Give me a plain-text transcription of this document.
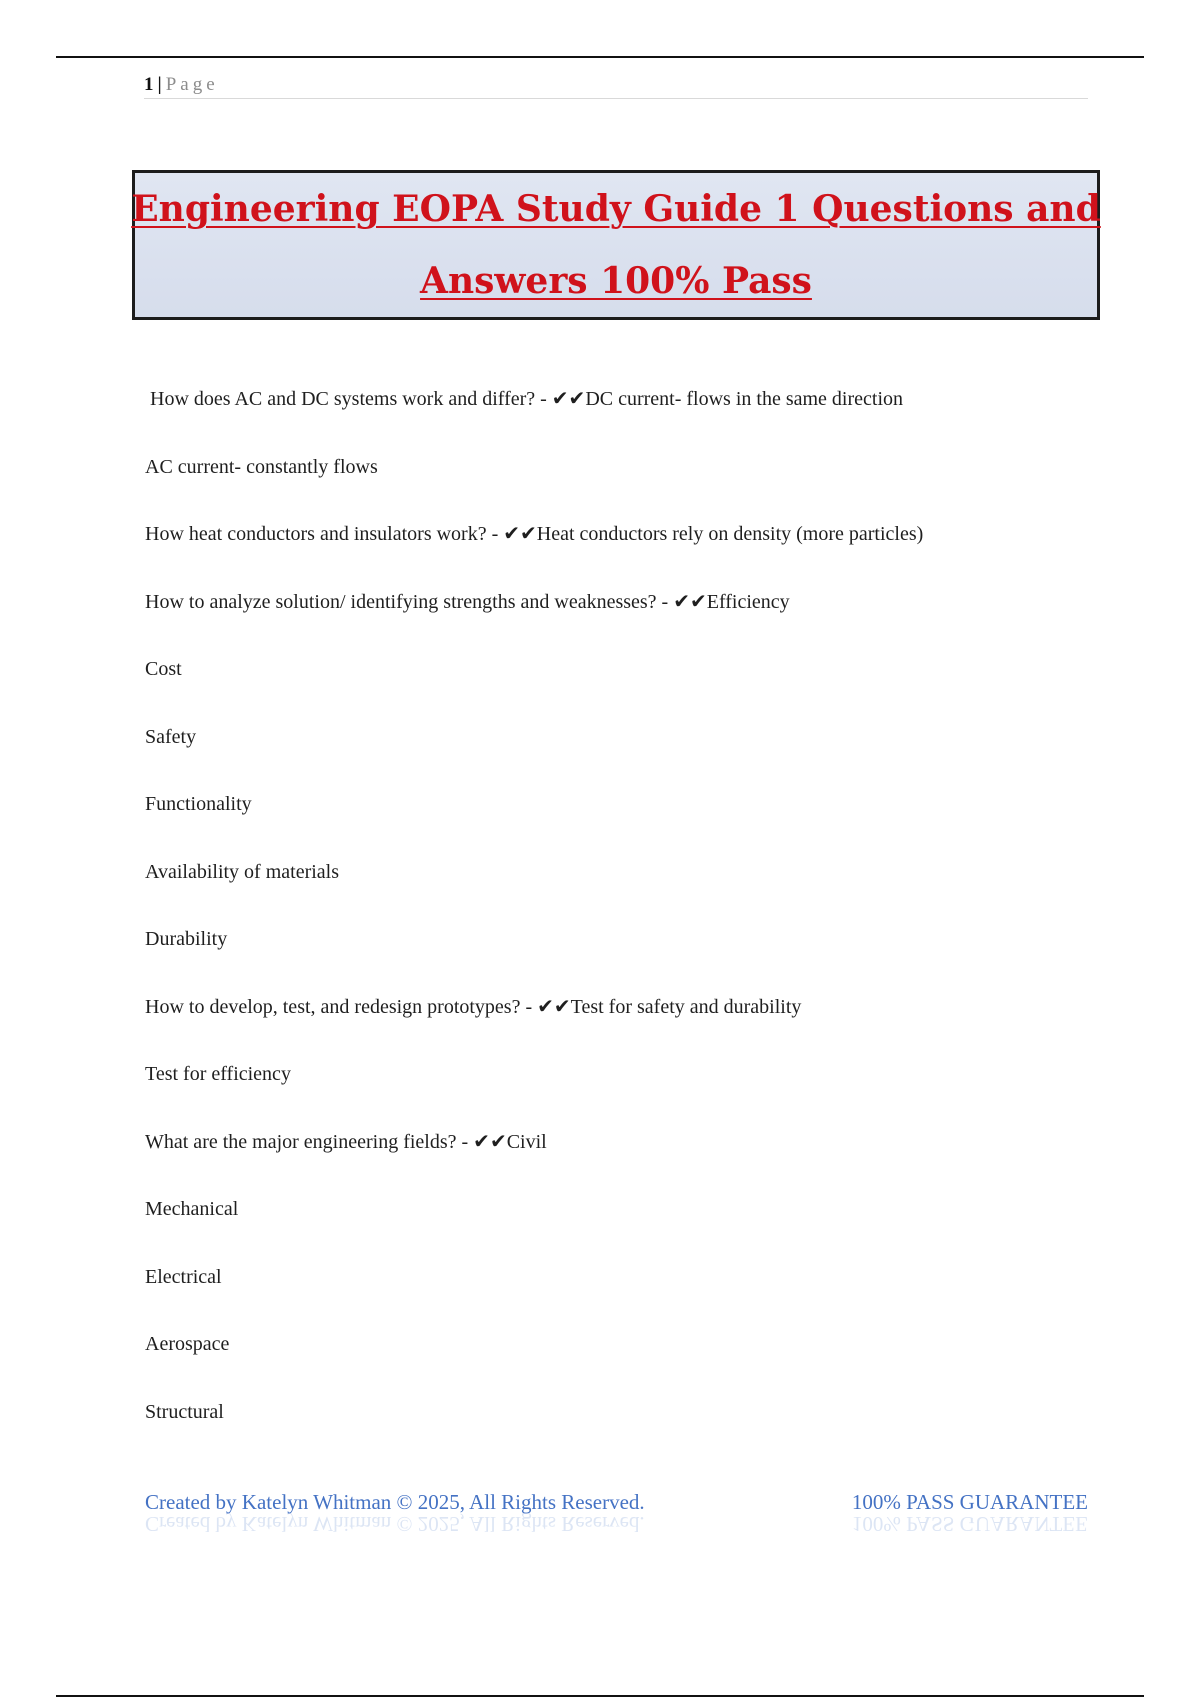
1 | Page
Engineering EOPA Study Guide 1 Questions and
Answers 100% Pass
How does AC and DC systems work and differ? - ✔✔DC current- flows in the same direction
AC current- constantly flows
How heat conductors and insulators work? - ✔✔Heat conductors rely on density (more particles)
How to analyze solution/ identifying strengths and weaknesses? - ✔✔Efficiency
Cost
Safety
Functionality
Availability of materials
Durability
How to develop, test, and redesign prototypes? - ✔✔Test for safety and durability
Test for efficiency
What are the major engineering fields? - ✔✔Civil
Mechanical
Electrical
Aerospace
Structural
Created by Katelyn Whitman © 2025, All Rights Reserved.	100% PASS GUARANTEE
Created by Katelyn Whitman © 2025, All Rights Reserved.	100% PASS GUARANTEE
